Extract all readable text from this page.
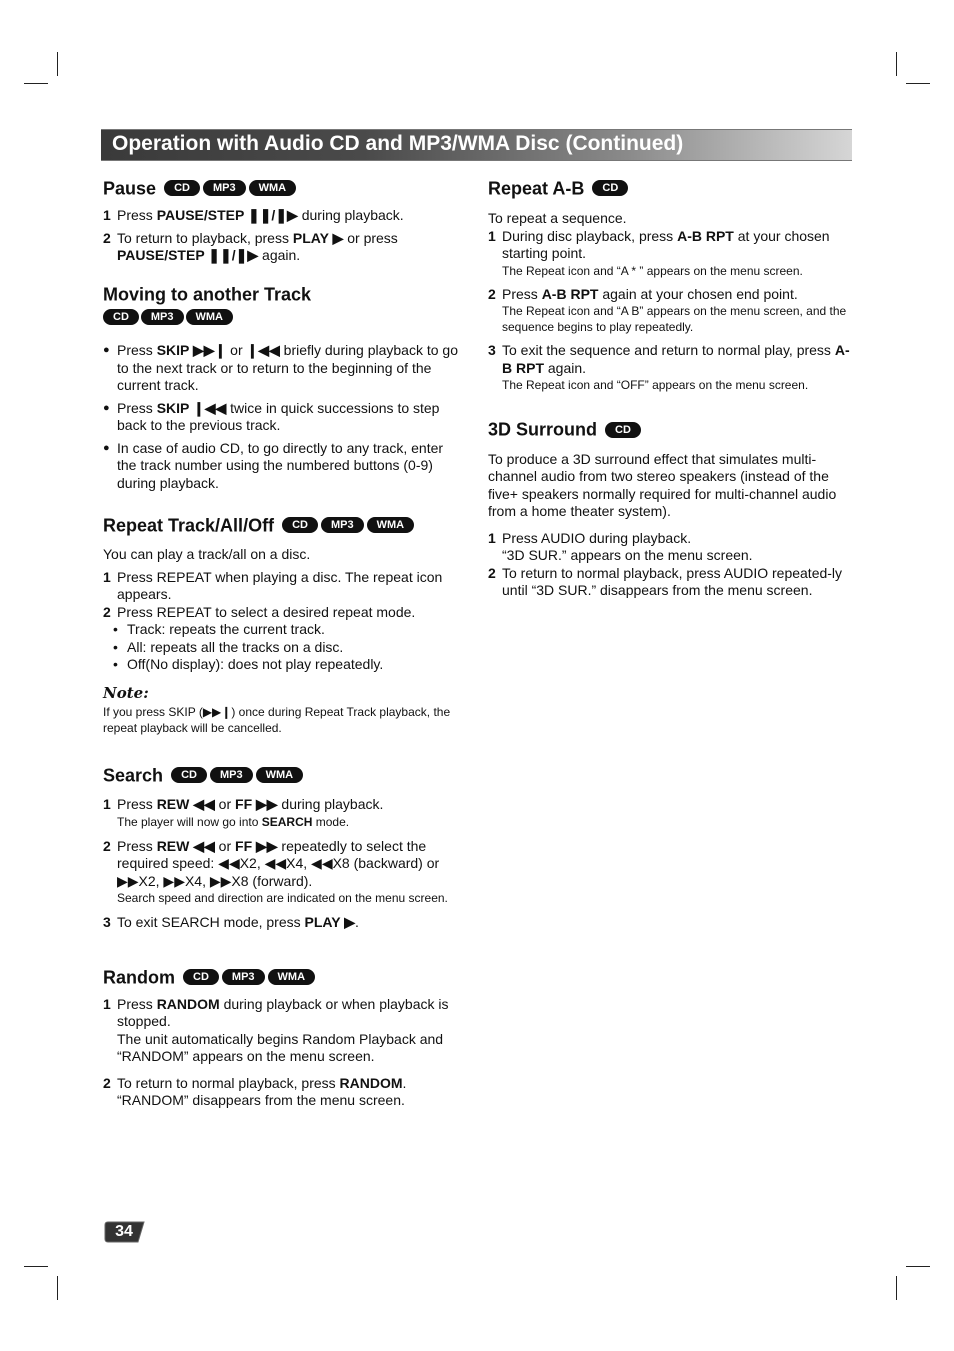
Operation with Audio CD and MP3/WMA Disc (Continued)
Pause CD MP3 WMA
1 Press PAUSE/STEP ❚❚/❚▶ during playback.
2 To return to playback, press PLAY ▶ or press PAUSE/STEP ❚❚/❚▶ again.
Moving to another Track
CD MP3 WMA
● Press SKIP ▶▶❙ or ❙◀◀ briefly during playback to go to the next track or to return to the beginning of the current track.
● Press SKIP ❙◀◀ twice in quick successions to step back to the previous track.
● In case of audio CD, to go directly to any track, enter the track number using the numbered buttons (0-9) during playback.
Repeat Track/All/Off CD MP3 WMA

You can play a track/all on a disc.

1 Press REPEAT when playing a disc. The repeat icon appears.
2 Press REPEAT to select a desired repeat mode.
• Track: repeats the current track.
• All: repeats all the tracks on a disc.
• Off(No display): does not play repeatedly.
Note:

If you press SKIP (▶▶❙) once during Repeat Track playback, the repeat playback will be cancelled.

Search CD MP3 WMA
1 Press REW ◀◀ or FF ▶▶ during playback.
The player will now go into SEARCH mode.
2 Press REW ◀◀ or FF ▶▶ repeatedly to select the required speed: ◀◀X2, ◀◀X4, ◀◀X8 (backward) or ▶▶X2, ▶▶X4, ▶▶X8 (forward).
Search speed and direction are indicated on the menu screen.
3 To exit SEARCH mode, press PLAY ▶.
Random CD MP3 WMA
1 Press RANDOM during playback or when playback is stopped.
The unit automatically begins Random Playback and “RANDOM” appears on the menu screen.
2 To return to normal playback, press RANDOM.
“RANDOM” disappears from the menu screen.
Repeat A-B CD

To repeat a sequence.

1 During disc playback, press A-B RPT at your chosen starting point.
The Repeat icon and “A * ” appears on the menu screen.
2 Press A-B RPT again at your chosen end point.
The Repeat icon and “A B” appears on the menu screen, and the sequence begins to play repeatedly.
3 To exit the sequence and return to normal play, press A-B RPT again.
The Repeat icon and “OFF” appears on the menu screen.
3D Surround CD

To produce a 3D surround effect that simulates multi-channel audio from two stereo speakers (instead of the five+ speakers normally required for multi-channel audio from a home theater system).

1 Press AUDIO during playback.
“3D SUR.” appears on the menu screen.
2 To return to normal playback, press AUDIO repeated-ly until “3D SUR.” disappears from the menu screen.
34
